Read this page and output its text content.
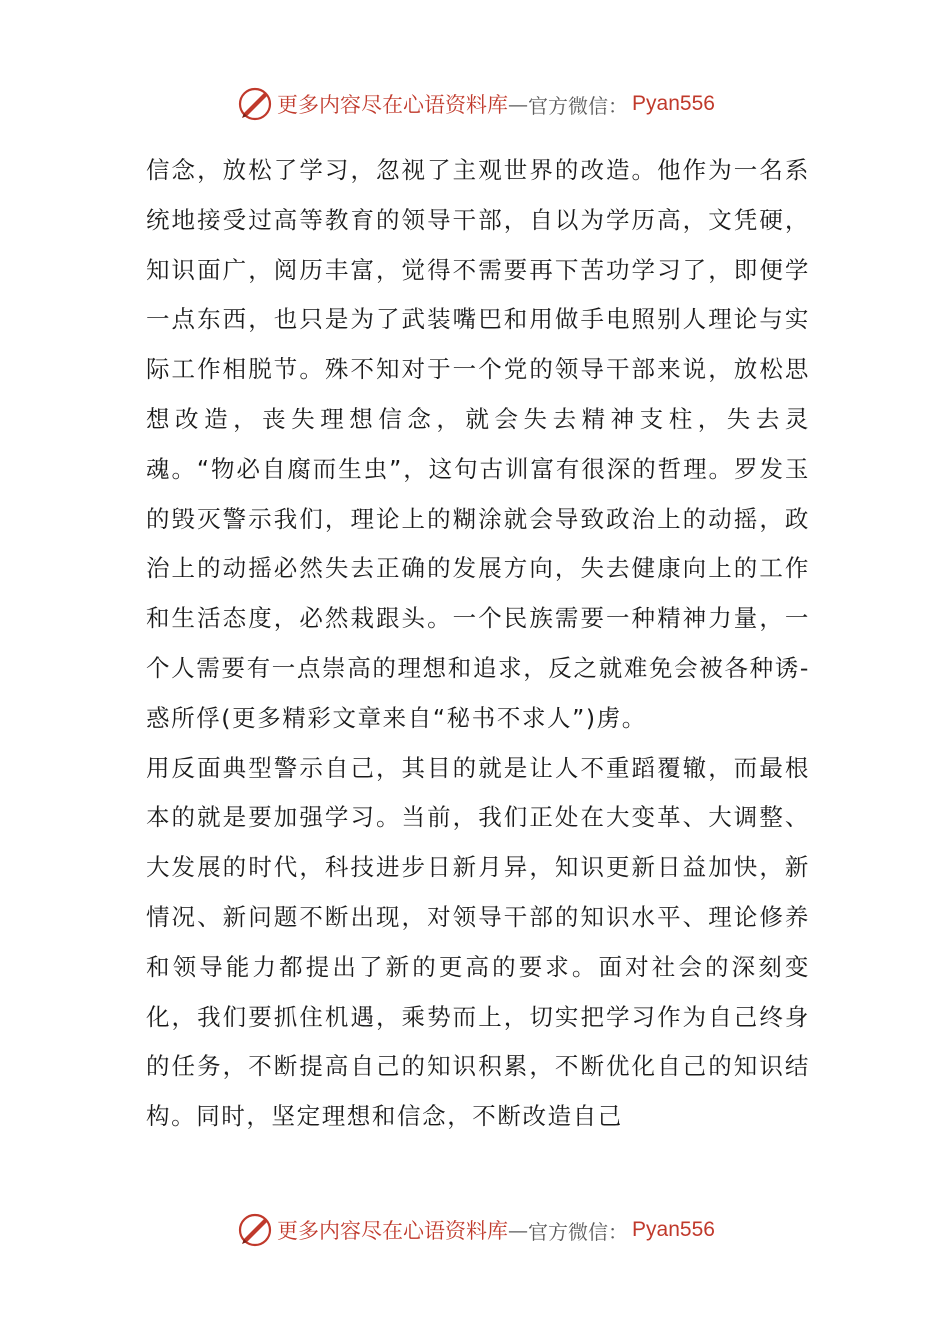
更多内容尽在心语资料库 — 官方微信： Pyan556

信念，放松了学习，忽视了主观世界的改造。他作为一名系统地接受过高等教育的领导干部，自以为学历高，文凭硬，知识面广，阅历丰富，觉得不需要再下苦功学习了，即便学一点东西，也只是为了武装嘴巴和用做手电照别人理论与实际工作相脱节。殊不知对于一个党的领导干部来说，放松思想改造，丧失理想信念，就会失去精神支柱，失去灵魂。“物必自腐而生虫”，这句古训富有很深的哲理。罗发玉的毁灭警示我们，理论上的糊涂就会导致政治上的动摇，政治上的动摇必然失去正确的发展方向，失去健康向上的工作和生活态度，必然栽跟头。一个民族需要一种精神力量，一个人需要有一点崇高的理想和追求，反之就难免会被各种诱-惑所俘(更多精彩文章来自“秘书不求人”)虏。

用反面典型警示自己，其目的就是让人不重蹈覆辙，而最根本的就是要加强学习。当前，我们正处在大变革、大调整、大发展的时代，科技进步日新月异，知识更新日益加快，新情况、新问题不断出现，对领导干部的知识水平、理论修养和领导能力都提出了新的更高的要求。面对社会的深刻变化，我们要抓住机遇，乘势而上，切实把学习作为自己终身的任务，不断提高自己的知识积累，不断优化自己的知识结构。同时，坚定理想和信念，不断改造自己

更多内容尽在心语资料库 — 官方微信： Pyan556
